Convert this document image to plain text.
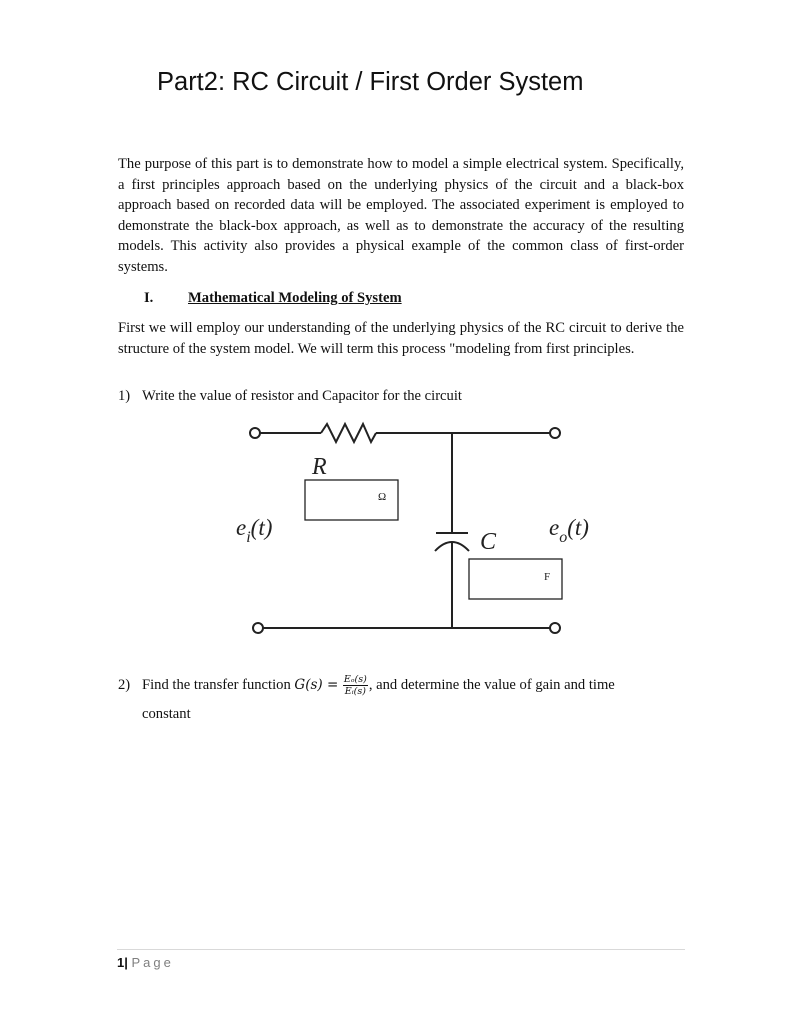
Part2: RC Circuit / First Order System
The purpose of this part is to demonstrate how to model a simple electrical system. Specifically, a first principles approach based on the underlying physics of the circuit and a black-box approach based on recorded data will be employed. The associated experiment is employed to demonstrate the black-box approach, as well as to demonstrate the accuracy of the resulting models. This activity also provides a physical example of the common class of first-order systems.
I. Mathematical Modeling of System
First we will employ our understanding of the underlying physics of the RC circuit to derive the structure of the system model. We will term this process "modeling from first principles.
1) Write the value of resistor and Capacitor for the circuit
R
C
$e_i(t)$	$e_o(t)$
Ω
F
2) Find the transfer function $G(s) = \frac{\text{Eₒ(s)}}{\text{Eᵢ(s)}}$ , and determine the value of gain and time
constant
1| Page
